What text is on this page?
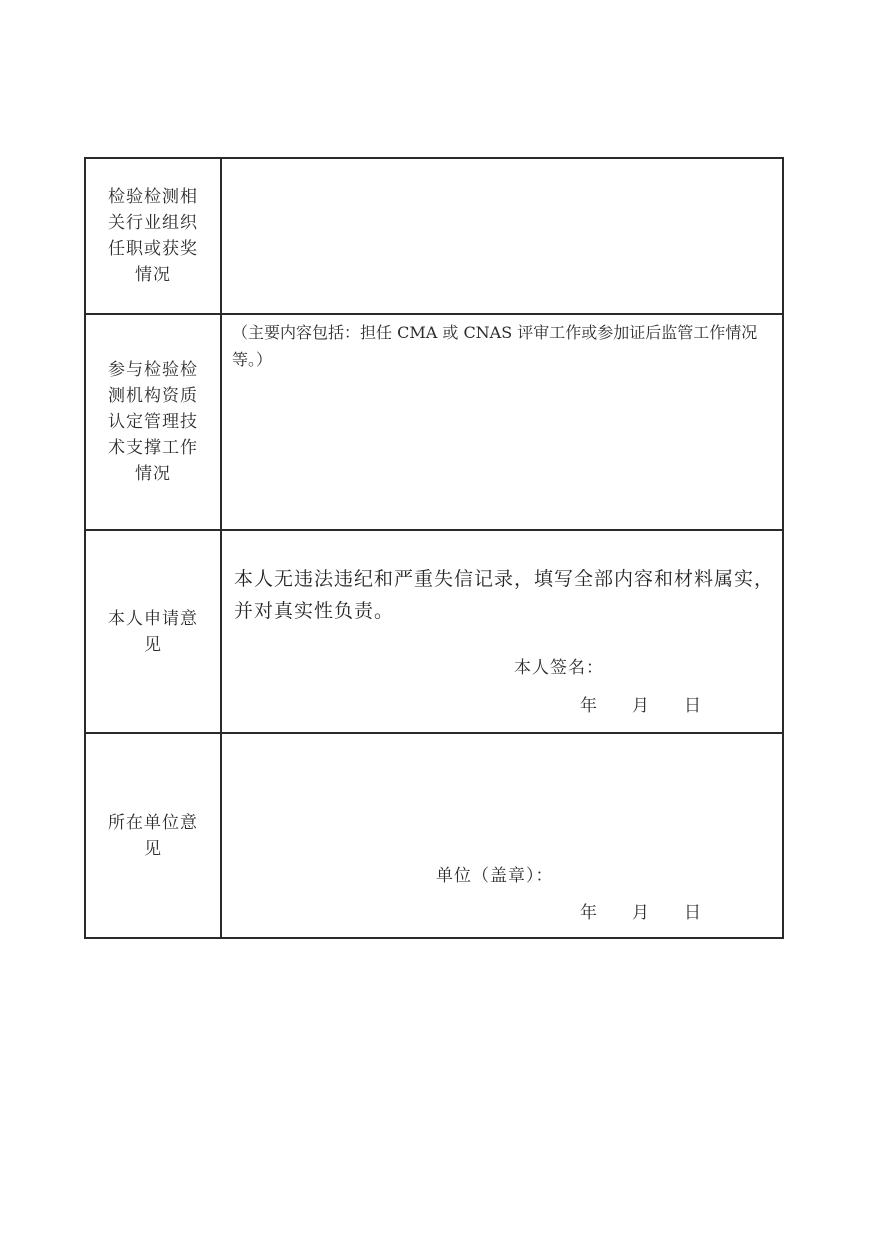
检验检测相关行业组织任职或获奖情况	

参与检验检测机构资质认定管理技术支撑工作情况	（主要内容包括：担任 CMA 或 CNAS 评审工作或参加证后监管工作情况等。）

本人申请意见	本人无违法违纪和严重失信记录，填写全部内容和材料属实，并对真实性负责。
本人签名：
年 月 日

所在单位意见	单位（盖章）：
年 月 日
